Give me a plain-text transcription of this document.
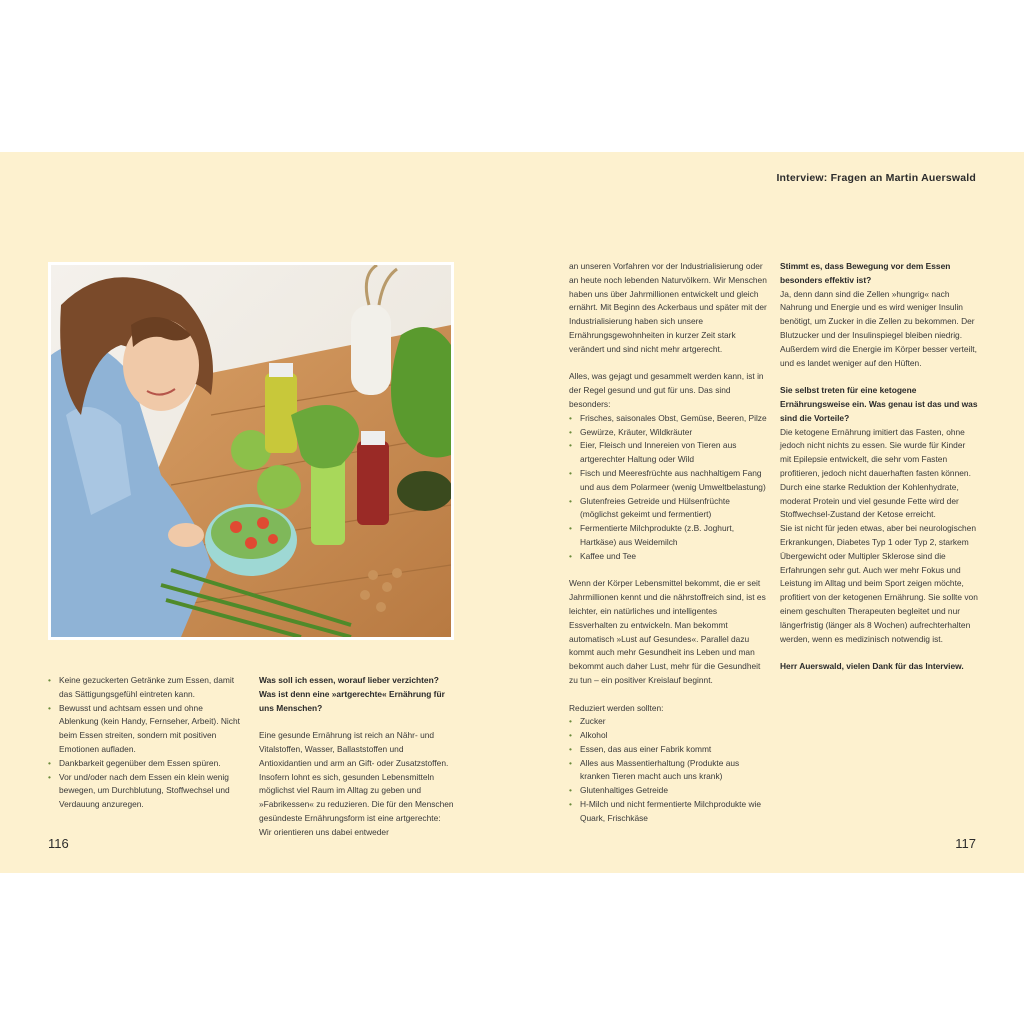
Interview: Fragen an Martin Auerswald
• Keine gezuckerten Getränke zum Essen, damit das Sättigungsgefühl eintreten kann.
• Bewusst und achtsam essen und ohne Ablenkung (kein Handy, Fernseher, Arbeit). Nicht beim Essen streiten, sondern mit positiven Emotionen aufladen.
• Dankbarkeit gegenüber dem Essen spüren.
• Vor und/oder nach dem Essen ein klein wenig bewegen, um Durchblutung, Stoffwechsel und Verdauung anzuregen.

Was soll ich essen, worauf lieber verzichten? Was ist denn eine »artgerechte« Ernährung für uns Menschen?

Eine gesunde Ernährung ist reich an Nähr- und Vitalstoffen, Wasser, Ballaststoffen und Antioxidantien und arm an Gift- oder Zusatzstoffen. Insofern lohnt es sich, gesunden Lebensmitteln möglichst viel Raum im Alltag zu geben und »Fabrikessen« zu reduzieren. Die für den Menschen gesündeste Ernährungsform ist eine artgerechte: Wir orientieren uns dabei entweder

an unseren Vorfahren vor der Industrialisierung oder an heute noch lebenden Naturvölkern. Wir Menschen haben uns über Jahrmillionen entwickelt und gleich ernährt. Mit Beginn des Ackerbaus und später mit der Industrialisierung haben sich unsere Ernährungsgewohnheiten in kurzer Zeit stark verändert und sind nicht mehr artgerecht.

Alles, was gejagt und gesammelt werden kann, ist in der Regel gesund und gut für uns. Das sind besonders:

• Frisches, saisonales Obst, Gemüse, Beeren, Pilze
• Gewürze, Kräuter, Wildkräuter
• Eier, Fleisch und Innereien von Tieren aus artgerechter Haltung oder Wild
• Fisch und Meeresfrüchte aus nachhaltigem Fang und aus dem Polarmeer (wenig Umweltbelastung)
• Glutenfreies Getreide und Hülsenfrüchte (möglichst gekeimt und fermentiert)
• Fermentierte Milchprodukte (z.B. Joghurt, Hartkäse) aus Weidemilch
• Kaffee und Tee

Wenn der Körper Lebensmittel bekommt, die er seit Jahrmillionen kennt und die nährstoffreich sind, ist es leichter, ein natürliches und intelligentes Essverhalten zu entwickeln. Man bekommt automatisch »Lust auf Gesundes«. Parallel dazu kommt auch mehr Gesundheit ins Leben und man bekommt auch daher Lust, mehr für die Gesundheit zu tun – ein positiver Kreislauf beginnt.

Reduziert werden sollten:

• Zucker
• Alkohol
• Essen, das aus einer Fabrik kommt
• Alles aus Massentierhaltung (Produkte aus kranken Tieren macht auch uns krank)
• Glutenhaltiges Getreide
• H-Milch und nicht fermentierte Milchprodukte wie Quark, Frischkäse

Stimmt es, dass Bewegung vor dem Essen besonders effektiv ist?

Ja, denn dann sind die Zellen »hungrig« nach Nahrung und Energie und es wird weniger Insulin benötigt, um Zucker in die Zellen zu bekommen. Der Blutzucker und der Insulinspiegel bleiben niedrig. Außerdem wird die Energie im Körper besser verteilt, und es landet weniger auf den Hüften.

Sie selbst treten für eine ketogene Ernährungsweise ein. Was genau ist das und was sind die Vorteile?

Die ketogene Ernährung imitiert das Fasten, ohne jedoch nicht nichts zu essen. Sie wurde für Kinder mit Epilepsie entwickelt, die sehr vom Fasten profitieren, jedoch nicht dauerhaften fasten können. Durch eine starke Reduktion der Kohlenhydrate, moderat Protein und viel gesunde Fette wird der Stoffwechsel-Zustand der Ketose erreicht.

Sie ist nicht für jeden etwas, aber bei neurologischen Erkrankungen, Diabetes Typ 1 oder Typ 2, starkem Übergewicht oder Multipler Sklerose sind die Erfahrungen sehr gut. Auch wer mehr Fokus und Leistung im Alltag und beim Sport zeigen möchte, profitiert von der ketogenen Ernährung. Sie sollte von einem geschulten Therapeuten begleitet und nur längerfristig (länger als 8 Wochen) aufrechterhalten werden, wenn es medizinisch notwendig ist.

Herr Auerswald, vielen Dank für das Interview.

116	117
